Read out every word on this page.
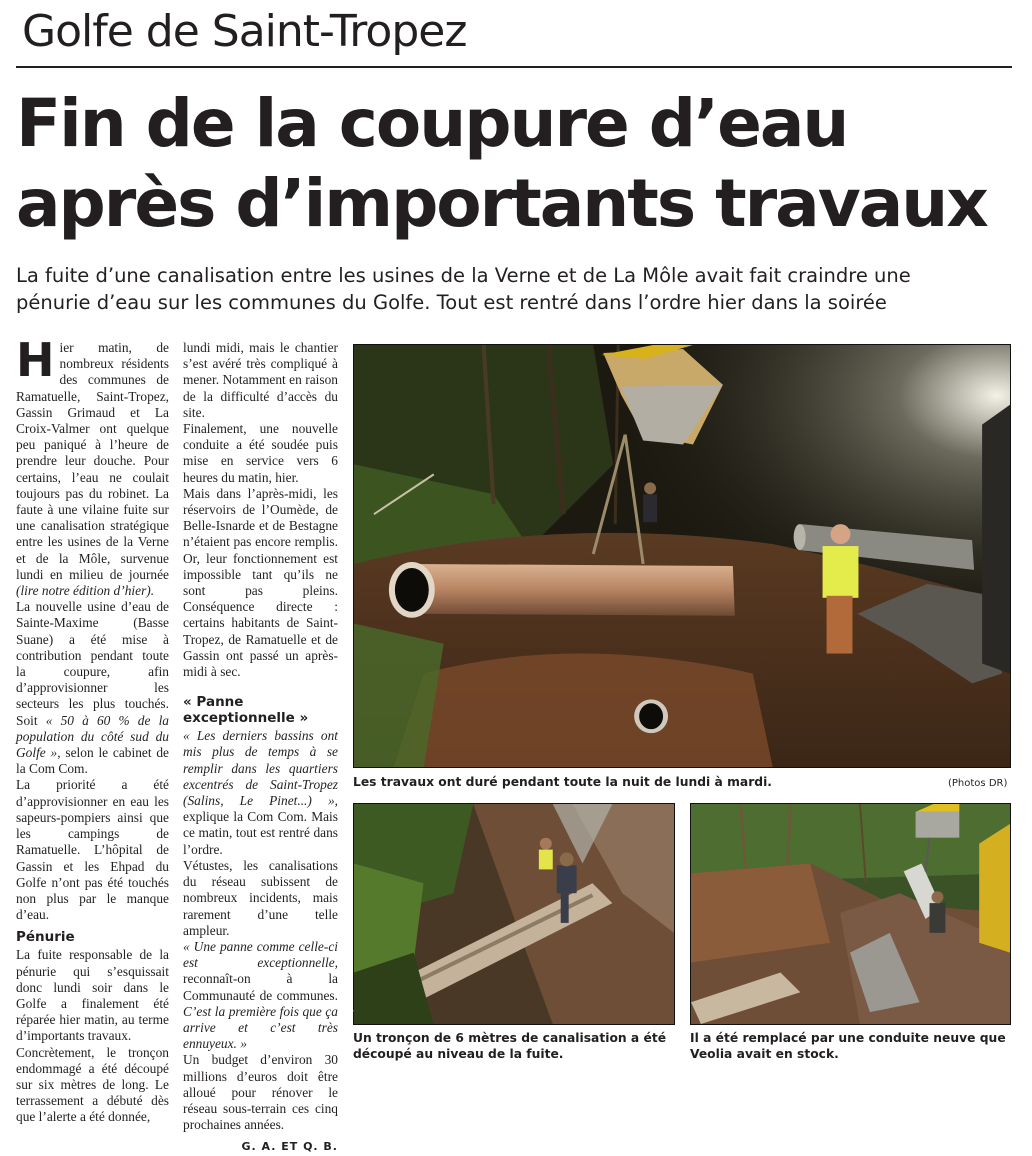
Golfe de Saint-Tropez
Fin de la coupure d’eau
après d’importants travaux
La fuite d’une canalisation entre les usines de la Verne et de La Môle avait fait craindre une
pénurie d’eau sur les communes du Golfe. Tout est rentré dans l’ordre hier dans la soirée

Hier matin, de nombreux résidents des communes de Ramatuelle, Saint-Tropez, Gassin Grimaud et La Croix-Valmer ont quelque peu paniqué à l’heure de prendre leur douche. Pour certains, l’eau ne coulait toujours pas du robinet. La faute à une vilaine fuite sur une canalisation stratégique entre les usines de la Verne et de la Môle, survenue lundi en milieu de journée (lire notre édition d’hier).

La nouvelle usine d’eau de Sainte-Maxime (Basse Suane) a été mise à contribution pendant toute la coupure, afin d’approvisionner les secteurs les plus touchés. Soit « 50 à 60 % de la population du côté sud du Golfe », selon le cabinet de la Com Com.

La priorité a été d’approvisionner en eau les sapeurs-pompiers ainsi que les campings de Ramatuelle. L’hôpital de Gassin et les Ehpad du Golfe n’ont pas été touchés non plus par le manque d’eau.

Pénurie

La fuite responsable de la pénurie qui s’esquissait donc lundi soir dans le Golfe a finalement été réparée hier matin, au terme d’importants travaux.

Concrètement, le tronçon endommagé a été découpé sur six mètres de long. Le terrassement a débuté dès que l’alerte a été donnée,

lundi midi, mais le chantier s’est avéré très compliqué à mener. Notamment en raison de la difficulté d’accès du site.

Finalement, une nouvelle conduite a été soudée puis mise en service vers 6 heures du matin, hier.

Mais dans l’après-midi, les réservoirs de l’Oumède, de Belle-Isnarde et de Bestagne n’étaient pas encore remplis. Or, leur fonctionnement est impossible tant qu’ils ne sont pas pleins. Conséquence directe : certains habitants de Saint-Tropez, de Ramatuelle et de Gassin ont passé un après-midi à sec.

« Panne exceptionnelle »

« Les derniers bassins ont mis plus de temps à se remplir dans les quartiers excentrés de Saint-Tropez (Salins, Le Pinet...) », explique la Com Com. Mais ce matin, tout est rentré dans l’ordre.

Vétustes, les canalisations du réseau subissent de nombreux incidents, mais rarement d’une telle ampleur.

« Une panne comme celle-ci est exceptionnelle, reconnaît-on à la Communauté de communes. C’est la première fois que ça arrive et c’est très ennuyeux. »

Un budget d’environ 30 millions d’euros doit être alloué pour rénover le réseau sous-terrain ces cinq prochaines années.

G. A. ET Q. B.
Les travaux ont duré pendant toute la nuit de lundi à mardi.	(Photos DR)
Un tronçon de 6 mètres de canalisation a été découpé au niveau de la fuite.
Il a été remplacé par une conduite neuve que Veolia avait en stock.
